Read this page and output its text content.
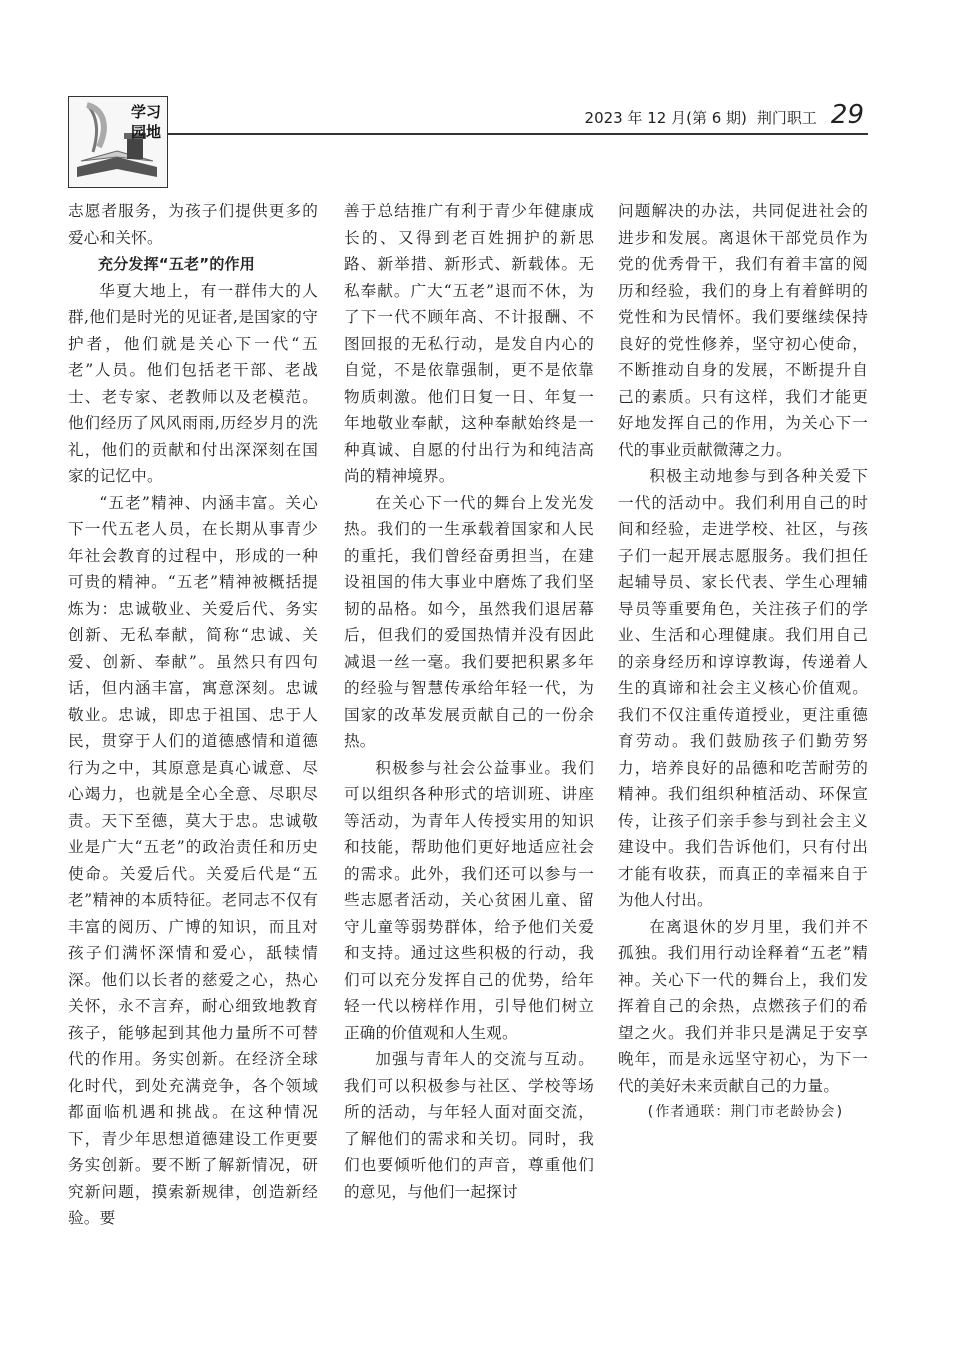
学习
园地
2023 年 12 月(第 6 期) 荆门职工 29

志愿者服务，为孩子们提供更多的爱心和关怀。

充分发挥“五老”的作用

华夏大地上，有一群伟大的人群,他们是时光的见证者,是国家的守护者，他们就是关心下一代“五老”人员。他们包括老干部、老战士、老专家、老教师以及老模范。他们经历了风风雨雨,历经岁月的洗礼，他们的贡献和付出深深刻在国家的记忆中。

“五老”精神、内涵丰富。关心下一代五老人员，在长期从事青少年社会教育的过程中，形成的一种可贵的精神。“五老”精神被概括提炼为：忠诚敬业、关爱后代、务实创新、无私奉献，简称“忠诚、关爱、创新、奉献”。虽然只有四句话，但内涵丰富，寓意深刻。忠诚敬业。忠诚，即忠于祖国、忠于人民，贯穿于人们的道德感情和道德行为之中，其原意是真心诚意、尽心竭力，也就是全心全意、尽职尽责。天下至德，莫大于忠。忠诚敬业是广大“五老”的政治责任和历史使命。关爱后代。关爱后代是“五老”精神的本质特征。老同志不仅有丰富的阅历、广博的知识，而且对孩子们满怀深情和爱心，舐犊情深。他们以长者的慈爱之心，热心关怀，永不言弃，耐心细致地教育孩子，能够起到其他力量所不可替代的作用。务实创新。在经济全球化时代，到处充满竞争，各个领域都面临机遇和挑战。在这种情况下，青少年思想道德建设工作更要务实创新。要不断了解新情况，研究新问题，摸索新规律，创造新经验。要

善于总结推广有利于青少年健康成长的、又得到老百姓拥护的新思路、新举措、新形式、新载体。无私奉献。广大“五老”退而不休，为了下一代不顾年高、不计报酬、不图回报的无私行动，是发自内心的自觉，不是依靠强制，更不是依靠物质刺激。他们日复一日、年复一年地敬业奉献，这种奉献始终是一种真诚、自愿的付出行为和纯洁高尚的精神境界。

在关心下一代的舞台上发光发热。我们的一生承载着国家和人民的重托，我们曾经奋勇担当，在建设祖国的伟大事业中磨炼了我们坚韧的品格。如今，虽然我们退居幕后，但我们的爱国热情并没有因此减退一丝一毫。我们要把积累多年的经验与智慧传承给年轻一代，为国家的改革发展贡献自己的一份余热。

积极参与社会公益事业。我们可以组织各种形式的培训班、讲座等活动，为青年人传授实用的知识和技能，帮助他们更好地适应社会的需求。此外，我们还可以参与一些志愿者活动，关心贫困儿童、留守儿童等弱势群体，给予他们关爱和支持。通过这些积极的行动，我们可以充分发挥自己的优势，给年轻一代以榜样作用，引导他们树立正确的价值观和人生观。

加强与青年人的交流与互动。我们可以积极参与社区、学校等场所的活动，与年轻人面对面交流，了解他们的需求和关切。同时，我们也要倾听他们的声音，尊重他们的意见，与他们一起探讨

问题解决的办法，共同促进社会的进步和发展。离退休干部党员作为党的优秀骨干，我们有着丰富的阅历和经验，我们的身上有着鲜明的党性和为民情怀。我们要继续保持良好的党性修养，坚守初心使命，不断推动自身的发展，不断提升自己的素质。只有这样，我们才能更好地发挥自己的作用，为关心下一代的事业贡献微薄之力。

积极主动地参与到各种关爱下一代的活动中。我们利用自己的时间和经验，走进学校、社区，与孩子们一起开展志愿服务。我们担任起辅导员、家长代表、学生心理辅导员等重要角色，关注孩子们的学业、生活和心理健康。我们用自己的亲身经历和谆谆教诲，传递着人生的真谛和社会主义核心价值观。我们不仅注重传道授业，更注重德育劳动。我们鼓励孩子们勤劳努力，培养良好的品德和吃苦耐劳的精神。我们组织种植活动、环保宣传，让孩子们亲手参与到社会主义建设中。我们告诉他们，只有付出才能有收获，而真正的幸福来自于为他人付出。

在离退休的岁月里，我们并不孤独。我们用行动诠释着“五老”精神。关心下一代的舞台上，我们发挥着自己的余热，点燃孩子们的希望之火。我们并非只是满足于安享晚年，而是永远坚守初心，为下一代的美好未来贡献自己的力量。

(作者通联：荆门市老龄协会)
